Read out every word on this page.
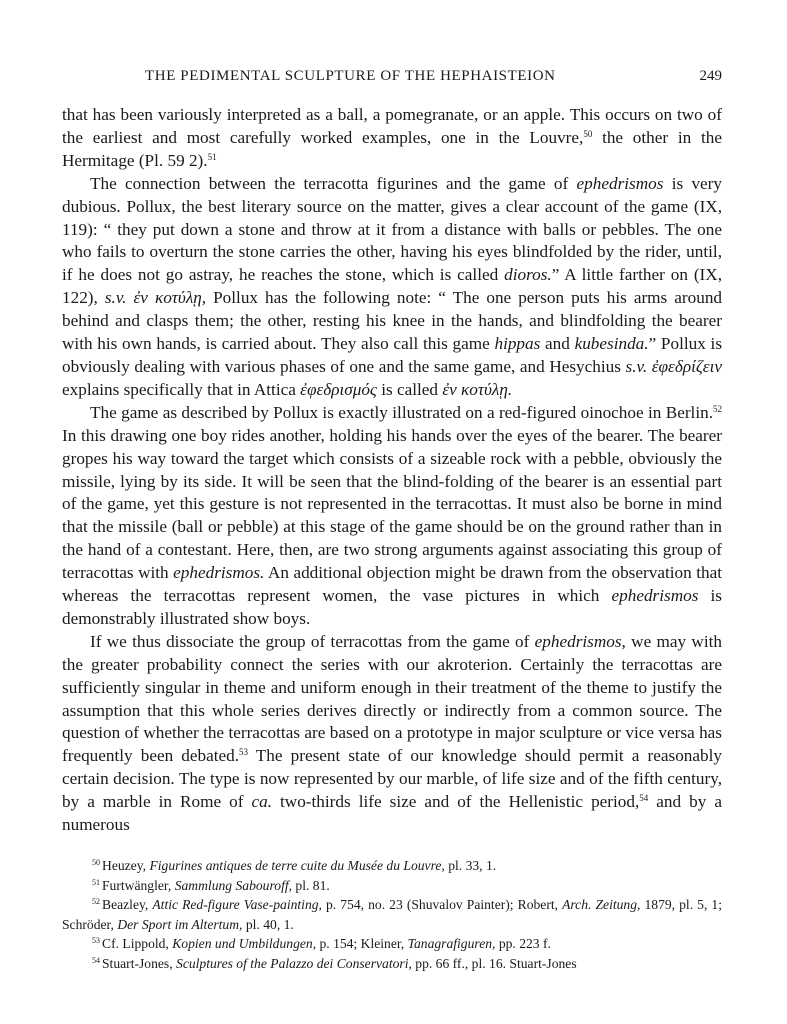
THE PEDIMENTAL SCULPTURE OF THE HEPHAISTEION	249

that has been variously interpreted as a ball, a pomegranate, or an apple. This occurs on two of the earliest and most carefully worked examples, one in the Louvre,$^{50}$ the other in the Hermitage (Pl. 59 2).$^{51}$

The connection between the terracotta figurines and the game of ephedrismos is very dubious. Pollux, the best literary source on the matter, gives a clear account of the game (IX, 119): “ they put down a stone and throw at it from a distance with balls or pebbles. The one who fails to overturn the stone carries the other, having his eyes blindfolded by the rider, until, if he does not go astray, he reaches the stone, which is called dioros.” A little farther on (IX, 122), s.v. ἐν κοτύλῃ, Pollux has the following note: “ The one person puts his arms around behind and clasps them; the other, resting his knee in the hands, and blindfolding the bearer with his own hands, is carried about. They also call this game hippas and kubesinda.” Pollux is obviously dealing with various phases of one and the same game, and Hesychius s.v. ἐφεδρίζειν explains specifically that in Attica ἐφεδρισμός is called ἐν κοτύλῃ.

The game as described by Pollux is exactly illustrated on a red-figured oinochoe in Berlin.$^{52}$ In this drawing one boy rides another, holding his hands over the eyes of the bearer. The bearer gropes his way toward the target which consists of a sizeable rock with a pebble, obviously the missile, lying by its side. It will be seen that the blind-folding of the bearer is an essential part of the game, yet this gesture is not represented in the terracottas. It must also be borne in mind that the missile (ball or pebble) at this stage of the game should be on the ground rather than in the hand of a contestant. Here, then, are two strong arguments against associating this group of terracottas with ephedrismos. An additional objection might be drawn from the observation that whereas the terracottas represent women, the vase pictures in which ephedrismos is demonstrably illustrated show boys.

If we thus dissociate the group of terracottas from the game of ephedrismos, we may with the greater probability connect the series with our akroterion. Certainly the terracottas are sufficiently singular in theme and uniform enough in their treatment of the theme to justify the assumption that this whole series derives directly or indirectly from a common source. The question of whether the terracottas are based on a prototype in major sculpture or vice versa has frequently been debated.$^{53}$ The present state of our knowledge should permit a reasonably certain decision. The type is now represented by our marble, of life size and of the fifth century, by a marble in Rome of ca. two-thirds life size and of the Hellenistic period,$^{54}$ and by a numerous

$^{50}$ Heuzey, Figurines antiques de terre cuite du Musée du Louvre, pl. 33, 1.

$^{51}$ Furtwängler, Sammlung Sabouroff, pl. 81.

$^{52}$ Beazley, Attic Red-figure Vase-painting, p. 754, no. 23 (Shuvalov Painter); Robert, Arch. Zeitung, 1879, pl. 5, 1; Schröder, Der Sport im Altertum, pl. 40, 1.

$^{53}$ Cf. Lippold, Kopien und Umbildungen, p. 154; Kleiner, Tanagrafiguren, pp. 223 f.

$^{54}$ Stuart-Jones, Sculptures of the Palazzo dei Conservatori, pp. 66 ff., pl. 16. Stuart-Jones
